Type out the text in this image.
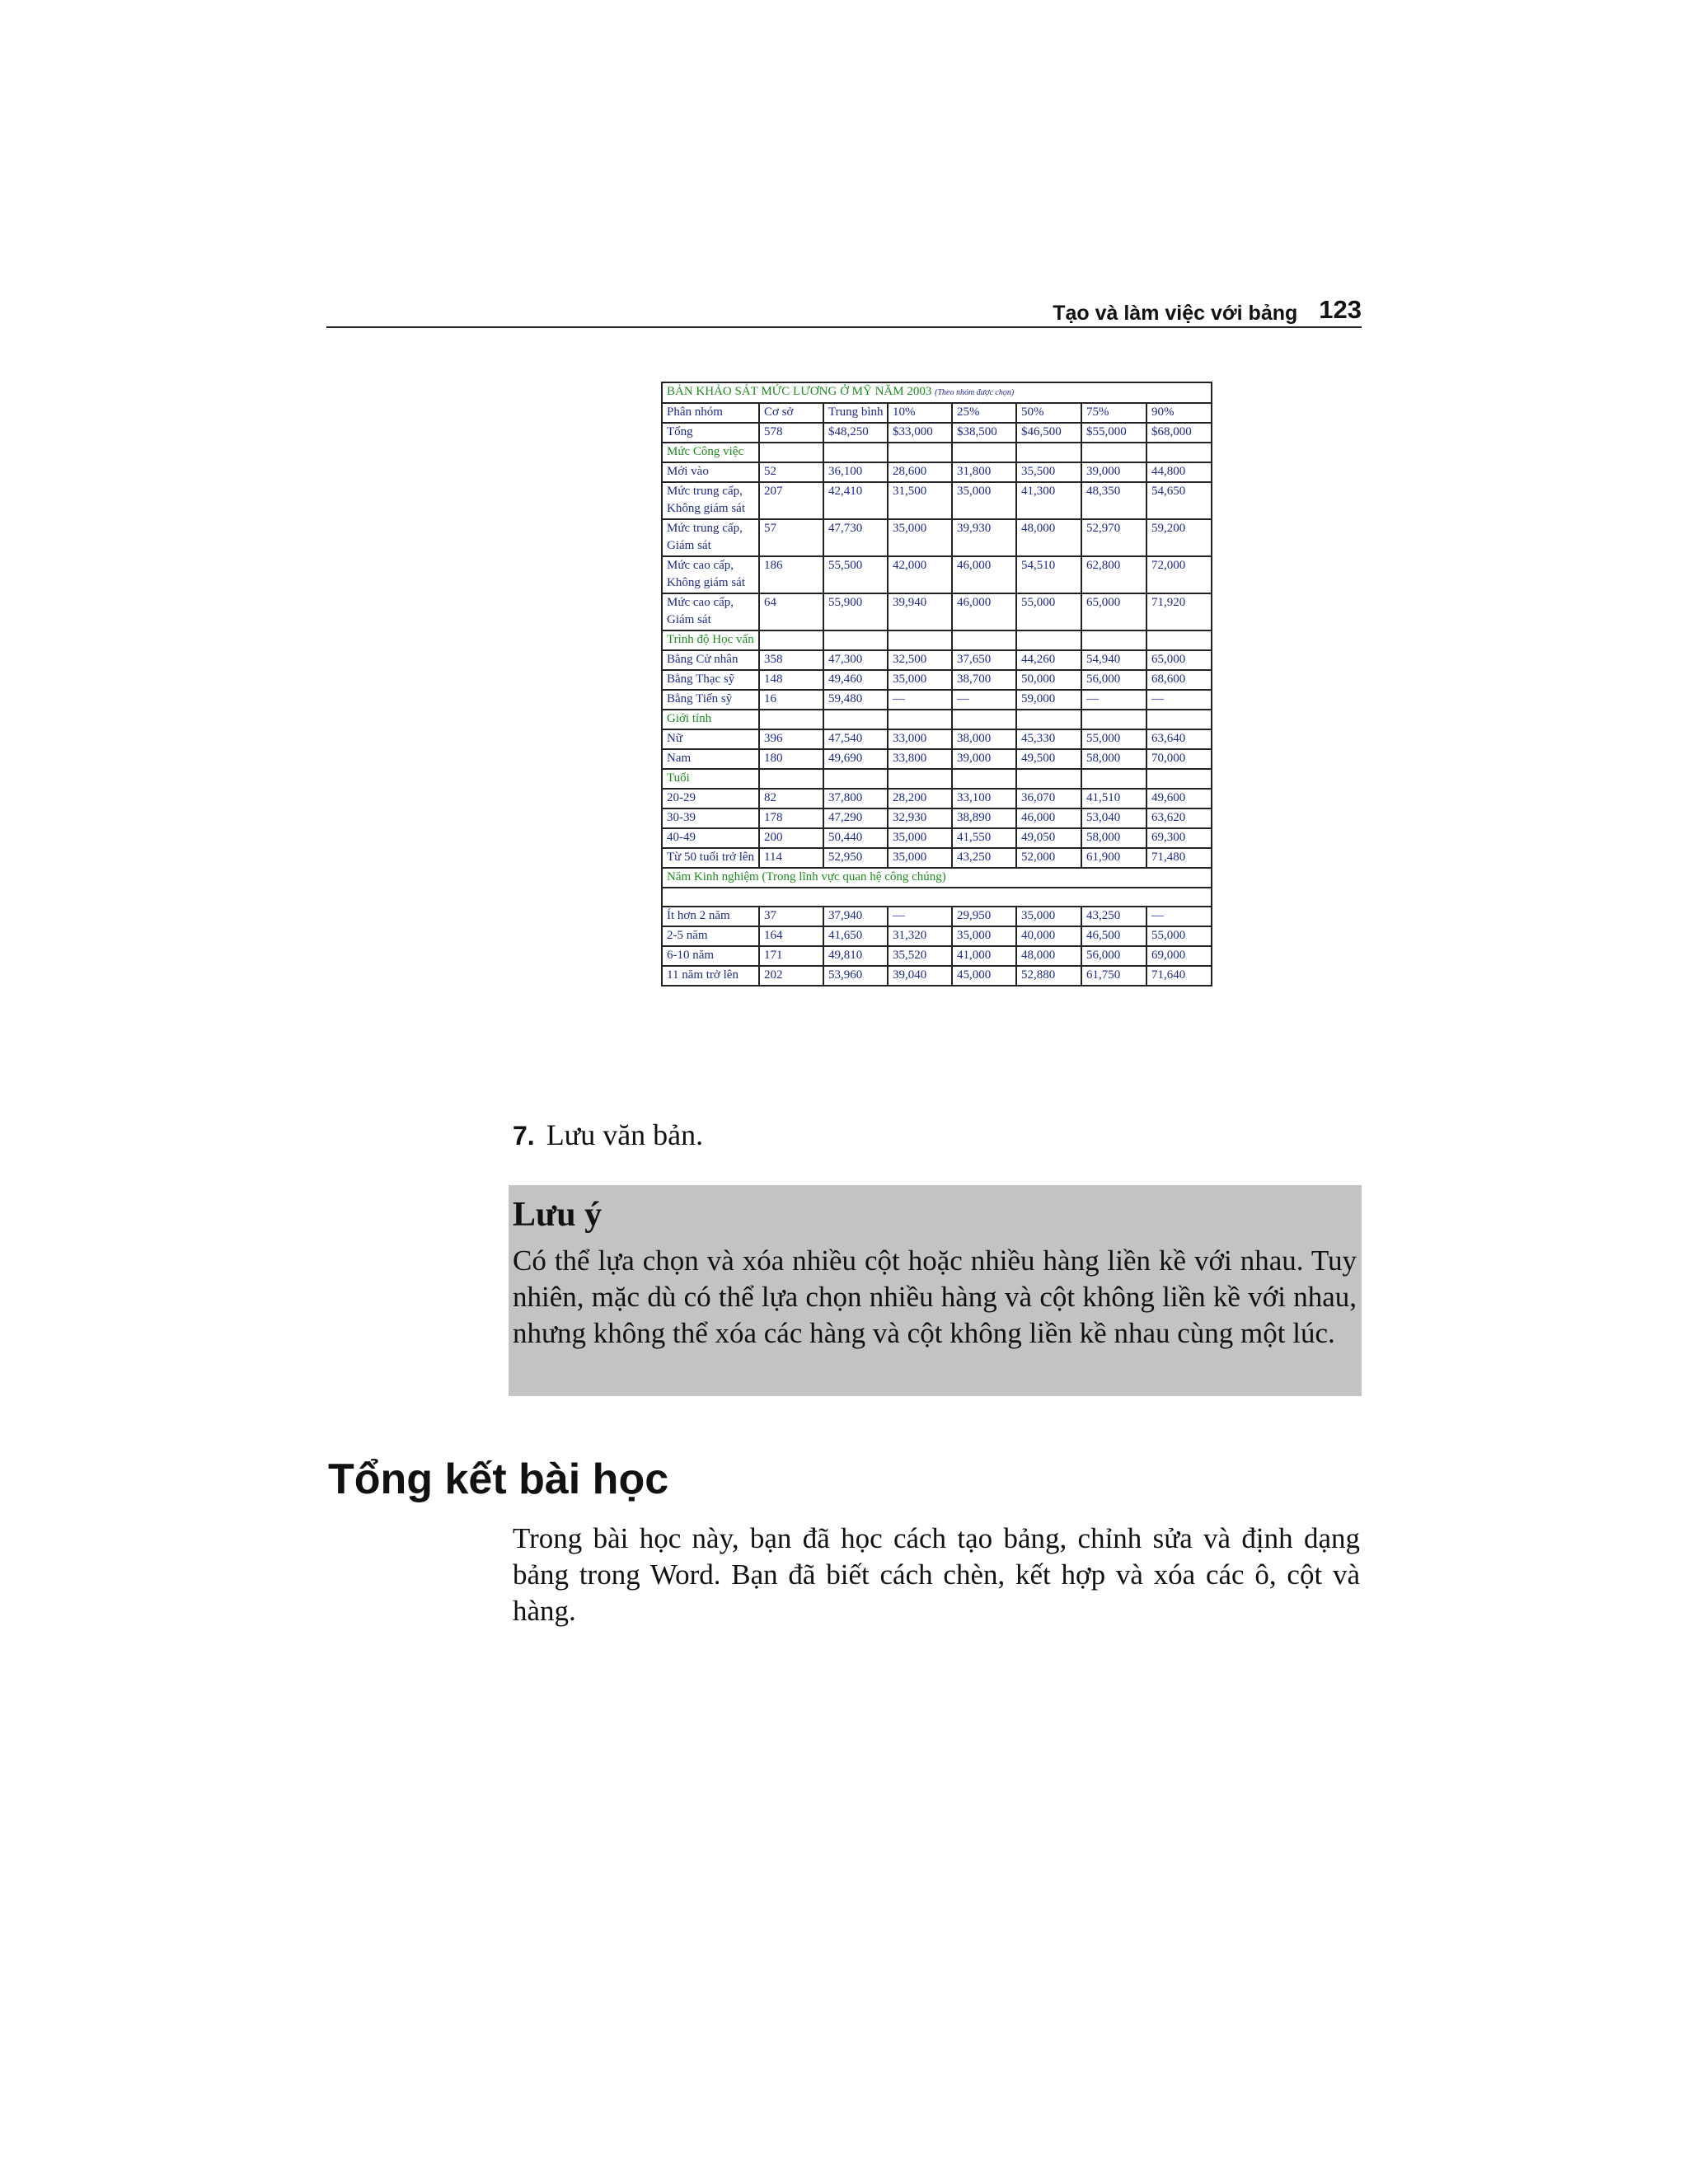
Tạo và làm việc với bảng 123
BẢN KHẢO SÁT MỨC LƯƠNG Ở MỸ NĂM 2003 (Theo nhóm được chọn)							
Phân nhóm	Cơ sở	Trung bình	10%	25%	50%	75%	90%
Tổng	578	$48,250	$33,000	$38,500	$46,500	$55,000	$68,000
Mức Công việc							
Mới vào	52	36,100	28,600	31,800	35,500	39,000	44,800
Mức trung cấp, Không giám sát	207	42,410	31,500	35,000	41,300	48,350	54,650
Mức trung cấp, Giám sát	57	47,730	35,000	39,930	48,000	52,970	59,200
Mức cao cấp, Không giám sát	186	55,500	42,000	46,000	54,510	62,800	72,000
Mức cao cấp, Giám sát	64	55,900	39,940	46,000	55,000	65,000	71,920
Trình độ Học vấn							
Bằng Cử nhân	358	47,300	32,500	37,650	44,260	54,940	65,000
Bằng Thạc sỹ	148	49,460	35,000	38,700	50,000	56,000	68,600
Bằng Tiến sỹ	16	59,480	—	—	59,000	—	—
Giới tính							
Nữ	396	47,540	33,000	38,000	45,330	55,000	63,640
Nam	180	49,690	33,800	39,000	49,500	58,000	70,000
Tuổi							
20-29	82	37,800	28,200	33,100	36,070	41,510	49,600
30-39	178	47,290	32,930	38,890	46,000	53,040	63,620
40-49	200	50,440	35,000	41,550	49,050	58,000	69,300
Từ 50 tuổi trở lên	114	52,950	35,000	43,250	52,000	61,900	71,480
Năm Kinh nghiệm (Trong lĩnh vực quan hệ công chúng)							

Ít hơn 2 năm	37	37,940	—	29,950	35,000	43,250	—
2-5 năm	164	41,650	31,320	35,000	40,000	46,500	55,000
6-10 năm	171	49,810	35,520	41,000	48,000	56,000	69,000
11 năm trở lên	202	53,960	39,040	45,000	52,880	61,750	71,640
7. Lưu văn bản.

Lưu ý

Có thể lựa chọn và xóa nhiều cột hoặc nhiều hàng liền kề với nhau. Tuy nhiên, mặc dù có thể lựa chọn nhiều hàng và cột không liền kề với nhau, nhưng không thể xóa các hàng và cột không liền kề nhau cùng một lúc.

Tổng kết bài học

Trong bài học này, bạn đã học cách tạo bảng, chỉnh sửa và định dạng bảng trong Word. Bạn đã biết cách chèn, kết hợp và xóa các ô, cột và hàng.
